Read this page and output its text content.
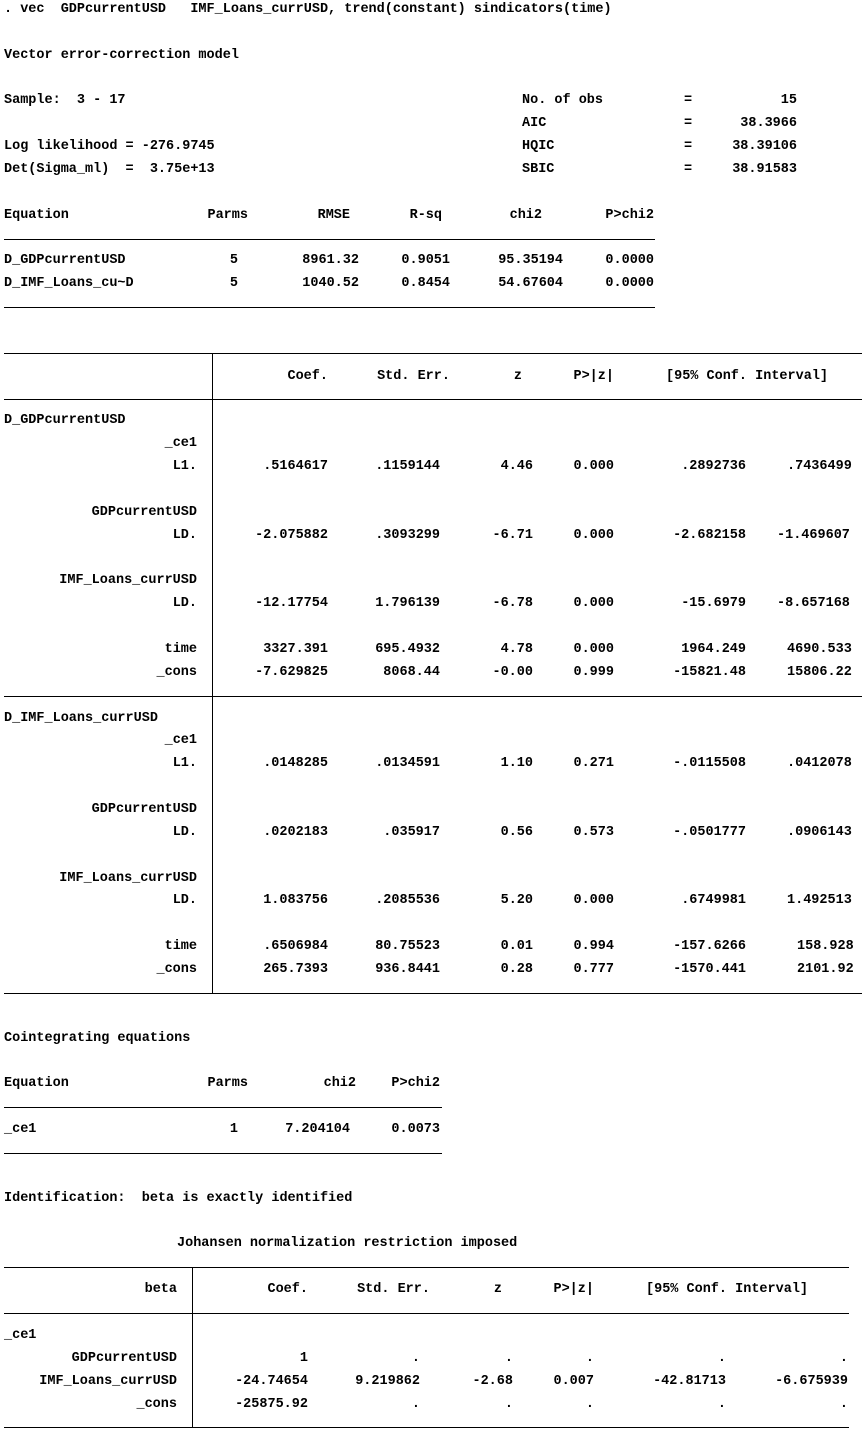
. vec  GDPcurrentUSD   IMF_Loans_currUSD, trend(constant) sindicators(time)
Vector error-correction model
Sample:  3 - 17
Log likelihood = -276.9745
Det(Sigma_ml)  =  3.75e+13
No. of obs	=	15
AIC	=	38.3966
HQIC	=	38.39106
SBIC	=	38.91583
Equation	Parms	RMSE	R-sq	chi2	P>chi2
D_GDPcurrentUSD	5	8961.32	0.9051	95.35194	0.0000
D_IMF_Loans_cu~D	5	1040.52	0.8454	54.67604	0.0000
Coef.	Std. Err.	z	P>|z|	[95% Conf. Interval]
D_GDPcurrentUSD
_ce1
L1.	.5164617	.1159144	4.46	0.000	.2892736	.7436499
GDPcurrentUSD
LD.	-2.075882	.3093299	-6.71	0.000	-2.682158 -1.469607
IMF_Loans_currUSD
LD.	-12.17754	1.796139	-6.78	0.000	-15.6979 -8.657168
time	3327.391	695.4932	4.78	0.000	1964.249	4690.533
_cons	-7.629825	8068.44	-0.00	0.999	-15821.48	15806.22
D_IMF_Loans_currUSD
_ce1
L1.	.0148285	.0134591	1.10	0.271	-.0115508	.0412078
GDPcurrentUSD
LD.	.0202183	.035917	0.56	0.573	-.0501777	.0906143
IMF_Loans_currUSD
LD.	1.083756	.2085536	5.20	0.000	.6749981	1.492513
time	.6506984	80.75523	0.01	0.994	-157.6266	158.928
_cons	265.7393	936.8441	0.28	0.777	-1570.441	2101.92
Cointegrating equations
Equation	Parms	chi2	P>chi2
_ce1	1	7.204104	0.0073
Identification:  beta is exactly identified
Johansen normalization restriction imposed
beta	Coef.	Std. Err.	z	P>|z|	[95% Conf. Interval]
_ce1
GDPcurrentUSD	1	.	.	.	.	.
IMF_Loans_currUSD	-24.74654	9.219862	-2.68	0.007	-42.81713	-6.675939
_cons	-25875.92	.	.	.	.	.
